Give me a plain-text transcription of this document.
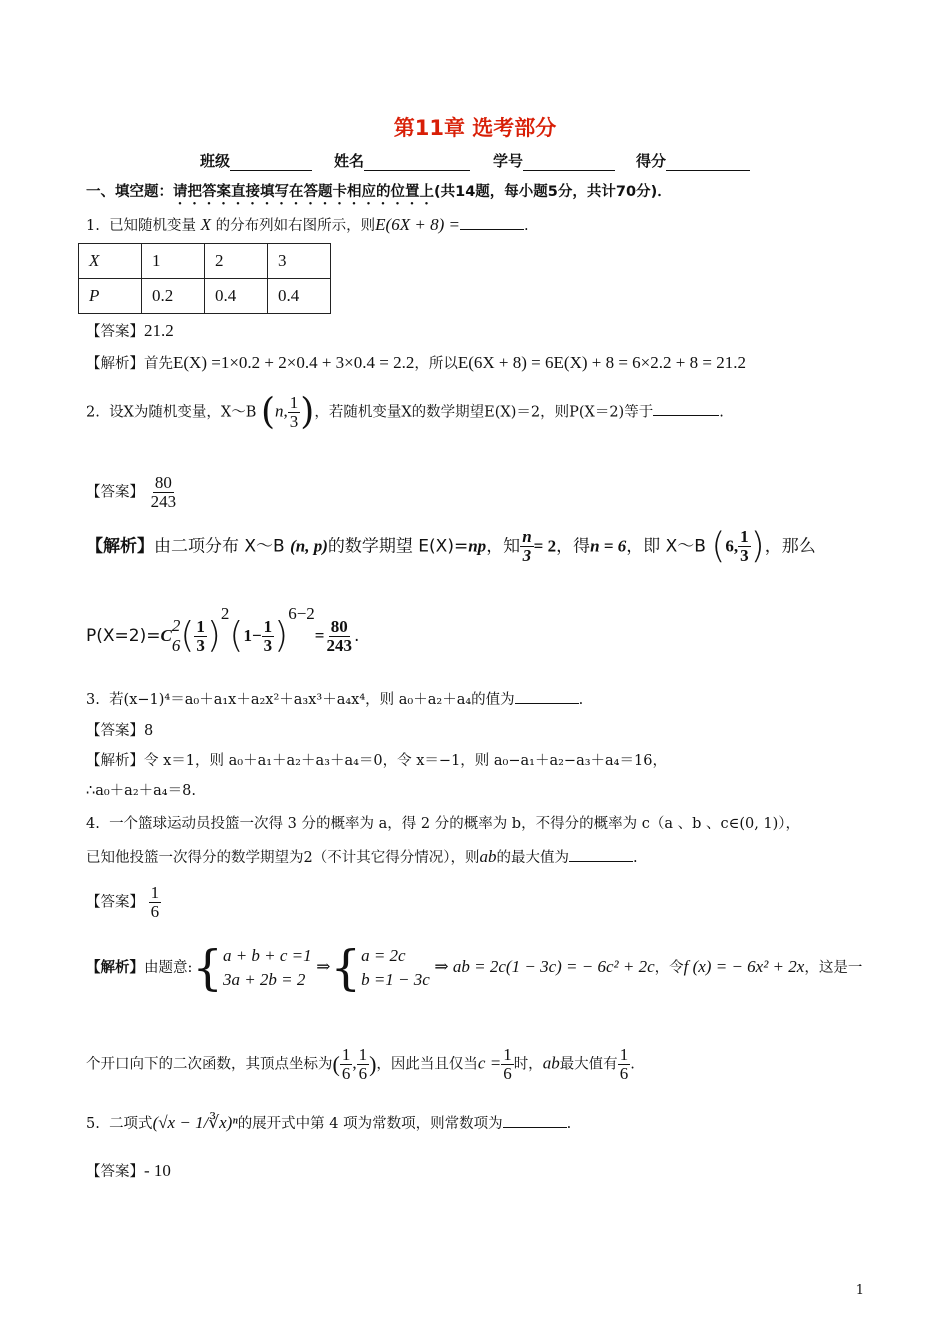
第11章 选考部分
班级	姓名	学号	得分
一、填空题：请把答案直接填写在答题卡相应的位置上(共14题，每小题5分，共计70分)．
1. 已知随机变量 X 的分布列如右图所示，则E(6X + 8) =	.
X	1	2	3
P	0.2	0.4	0.4
【答案】21.2
【解析】首先E(X) =1×0.2 + 2×0.4 + 3×0.4 = 2.2，所以E(6X + 8) = 6E(X) + 8 = 6×2.2 + 8 = 21.2
2. 设X为随机变量，X～B (n, $\frac{1}{3}$ )，若随机变量X的数学期望E(X)＝2，则P(X＝2)等于	.
【答案】 $\frac{80}{243}$
【解析】由二项分布 X～B (n, p)的数学期望 E(X)=np，知 $\frac{n}{3} = 2$，得n = 6，即 X～B (6, $\frac{1}{3}$ )，那么
P(X=2)=C
2
6 ( $\frac{1}{3} )^2(1- \frac{1}{3} )^{6-2}= \frac{80}{243}$ .
3. 若(x−1)⁴＝a₀＋a₁x＋a₂x²＋a₃x³＋a₄x⁴，则 a₀＋a₂＋a₄的值为	.
【答案】8
【解析】令 x＝1，则 a₀＋a₁＋a₂＋a₃＋a₄＝0，令 x＝−1，则 a₀−a₁＋a₂−a₃＋a₄＝16，
∴a₀＋a₂＋a₄＝8.
4. 一个篮球运动员投篮一次得 3 分的概率为 a，得 2 分的概率为 b，不得分的概率为 c（a 、b 、c∈(0, 1)），
已知他投篮一次得分的数学期望为2（不计其它得分情况），则ab的最大值为	.
【答案】 $\frac{1}{6}$
【解析】由题意:{ a + b + c =1
3a + 2b = 2
⇒{ a = 2c
b =1 − 3c
⇒ ab = 2c(1 − 3c) = − 6c² + 2c，令f (x) = − 6x² + 2x，这是一
个开口向下的二次函数，其顶点坐标为( $\frac{1}{6}$ , $\frac{1}{6}$ )，因此当且仅当$c = \frac{1}{6}$ 时，ab最大值有 $\frac{1}{6}$ .
5. 二项式(√x − 1/∛x)ⁿ的展开式中第 4 项为常数项，则常数项为	.
【答案】- 10
1
